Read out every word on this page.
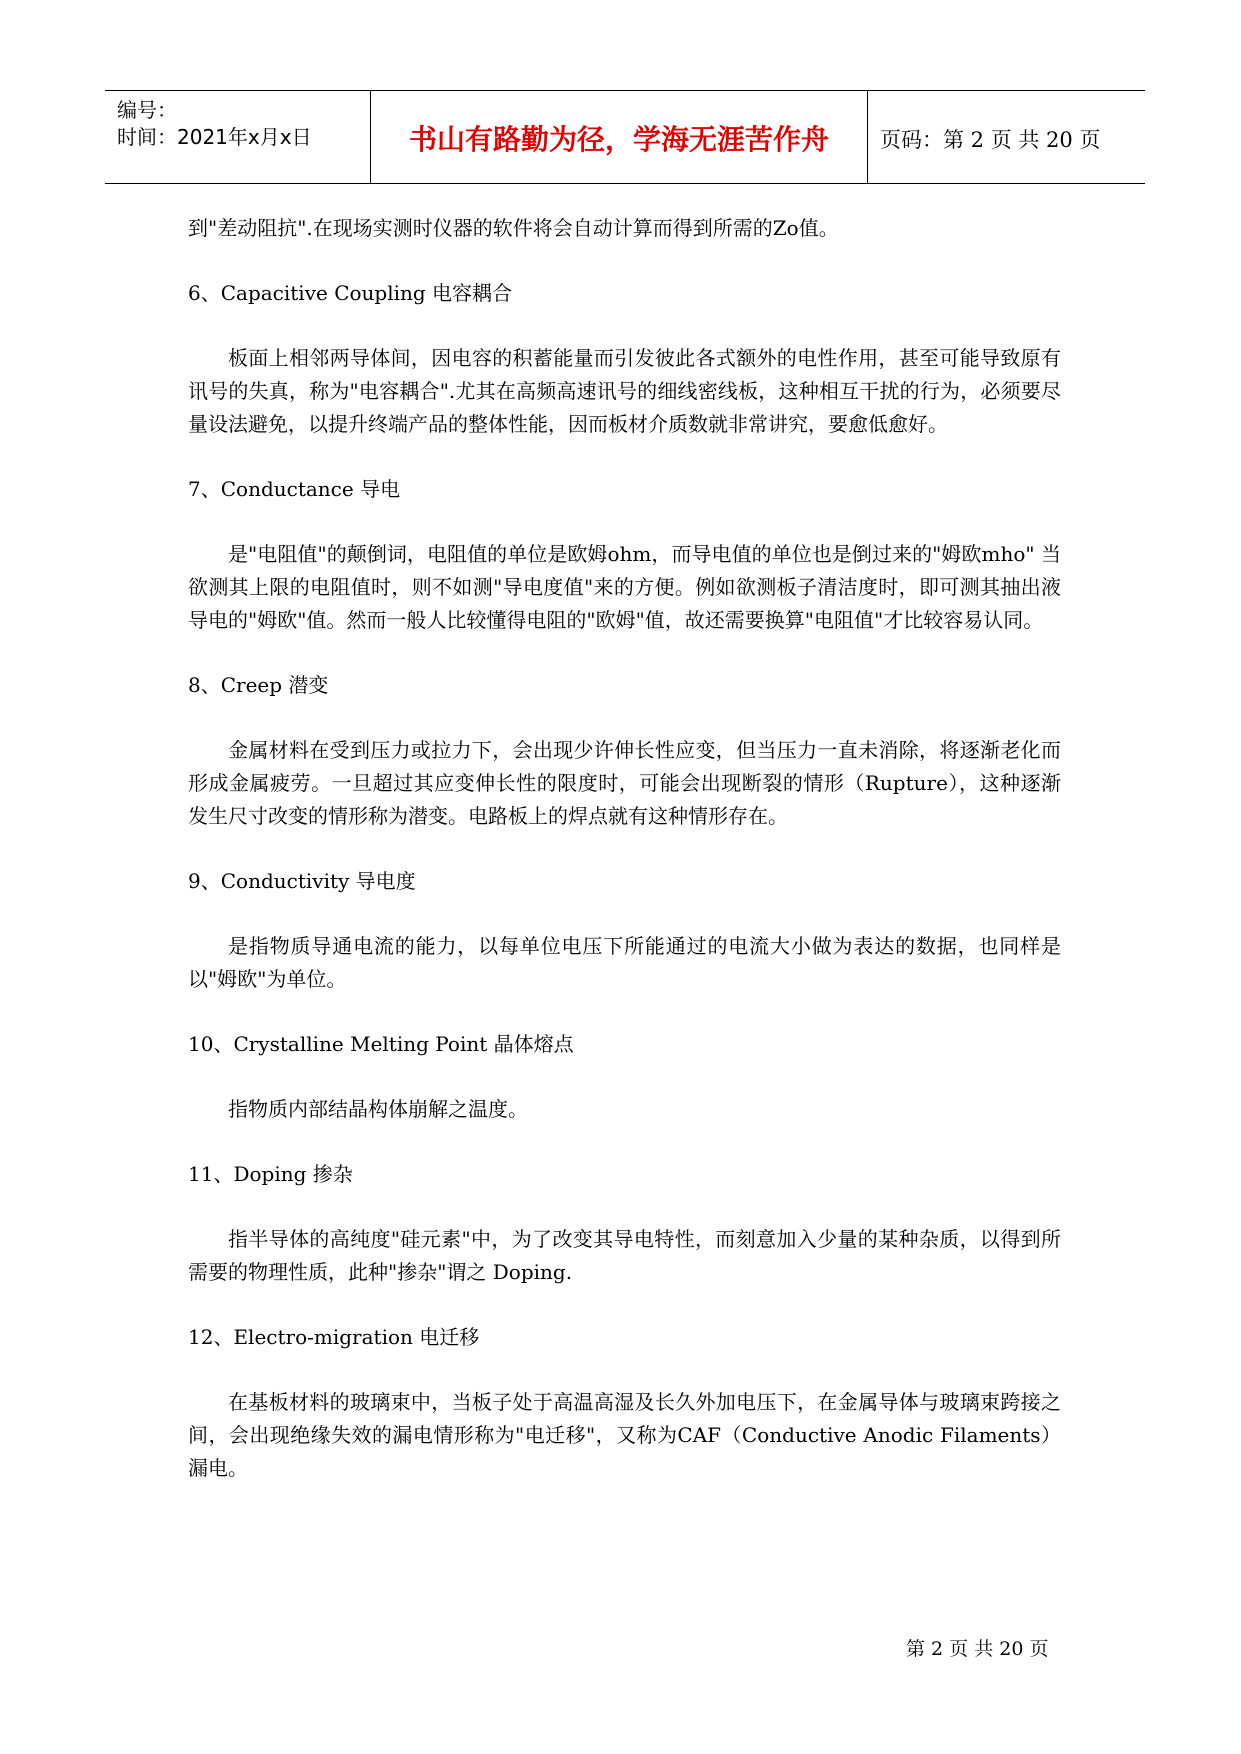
编号：
时间：2021年x月x日	书山有路勤为径，学海无涯苦作舟	页码：第 2 页 共 20 页

到"差动阻抗".在现场实测时仪器的软件将会自动计算而得到所需的Zo值。

6、Capacitive Coupling 电容耦合

板面上相邻两导体间，因电容的积蓄能量而引发彼此各式额外的电性作用，甚至可能导致原有讯号的失真，称为"电容耦合".尤其在高频高速讯号的细线密线板，这种相互干扰的行为，必须要尽量设法避免，以提升终端产品的整体性能，因而板材介质数就非常讲究，要愈低愈好。

7、Conductance 导电

是"电阻值"的颠倒词，电阻值的单位是欧姆ohm，而导电值的单位也是倒过来的"姆欧mho" 当欲测其上限的电阻值时，则不如测"导电度值"来的方便。例如欲测板子清洁度时，即可测其抽出液导电的"姆欧"值。然而一般人比较懂得电阻的"欧姆"值，故还需要换算"电阻值"才比较容易认同。

8、Creep 潜变

金属材料在受到压力或拉力下，会出现少许伸长性应变，但当压力一直未消除，将逐渐老化而形成金属疲劳。一旦超过其应变伸长性的限度时，可能会出现断裂的情形（Rupture），这种逐渐发生尺寸改变的情形称为潜变。电路板上的焊点就有这种情形存在。

9、Conductivity 导电度

是指物质导通电流的能力，以每单位电压下所能通过的电流大小做为表达的数据，也同样是以"姆欧"为单位。

10、Crystalline Melting Point 晶体熔点

指物质内部结晶构体崩解之温度。

11、Doping 掺杂

指半导体的高纯度"硅元素"中，为了改变其导电特性，而刻意加入少量的某种杂质，以得到所需要的物理性质，此种"掺杂"谓之 Doping.

12、Electro-migration 电迁移

在基板材料的玻璃束中，当板子处于高温高湿及长久外加电压下，在金属导体与玻璃束跨接之间，会出现绝缘失效的漏电情形称为"电迁移"，又称为CAF（Conductive Anodic Filaments）漏电。

第 2 页 共 20 页
